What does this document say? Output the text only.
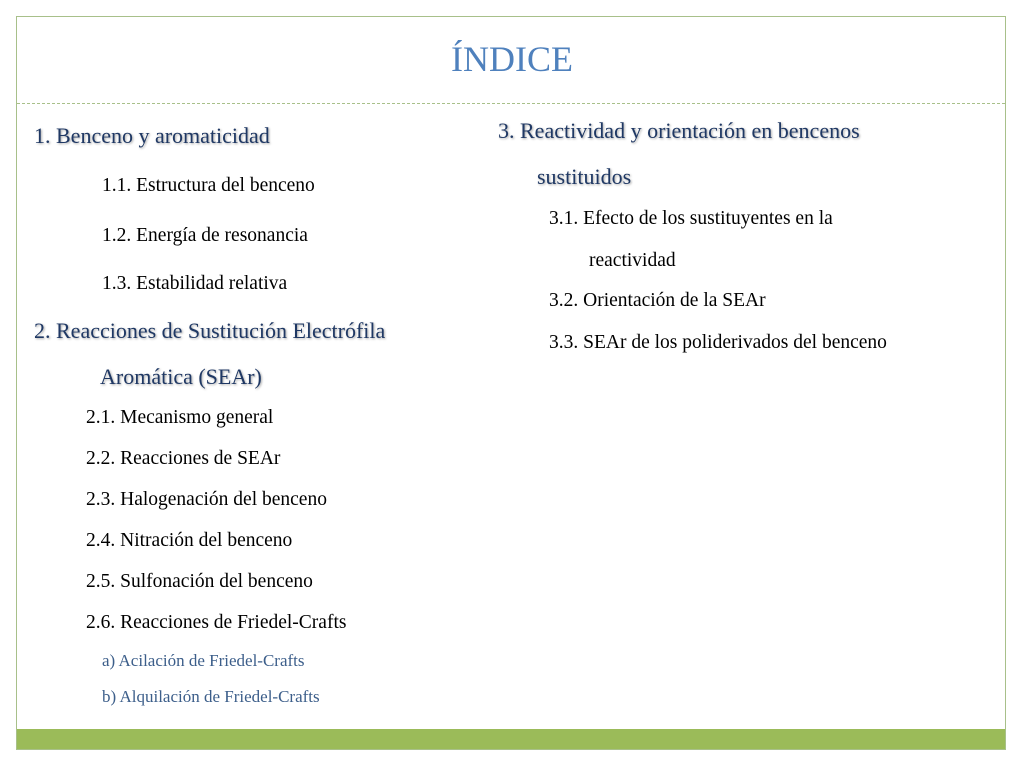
ÍNDICE
1. Benceno y aromaticidad
1.1. Estructura del benceno
1.2. Energía de resonancia
1.3. Estabilidad relativa
2. Reacciones de Sustitución Electrófila
Aromática (SEAr)
2.1. Mecanismo general
2.2. Reacciones de SEAr
2.3. Halogenación del benceno
2.4. Nitración del benceno
2.5. Sulfonación del benceno
2.6. Reacciones de Friedel-Crafts
a) Acilación de Friedel-Crafts
b) Alquilación de Friedel-Crafts
3. Reactividad y orientación en bencenos
sustituidos
3.1. Efecto de los sustituyentes en la
reactividad
3.2. Orientación de la SEAr
3.3. SEAr de los poliderivados del benceno
